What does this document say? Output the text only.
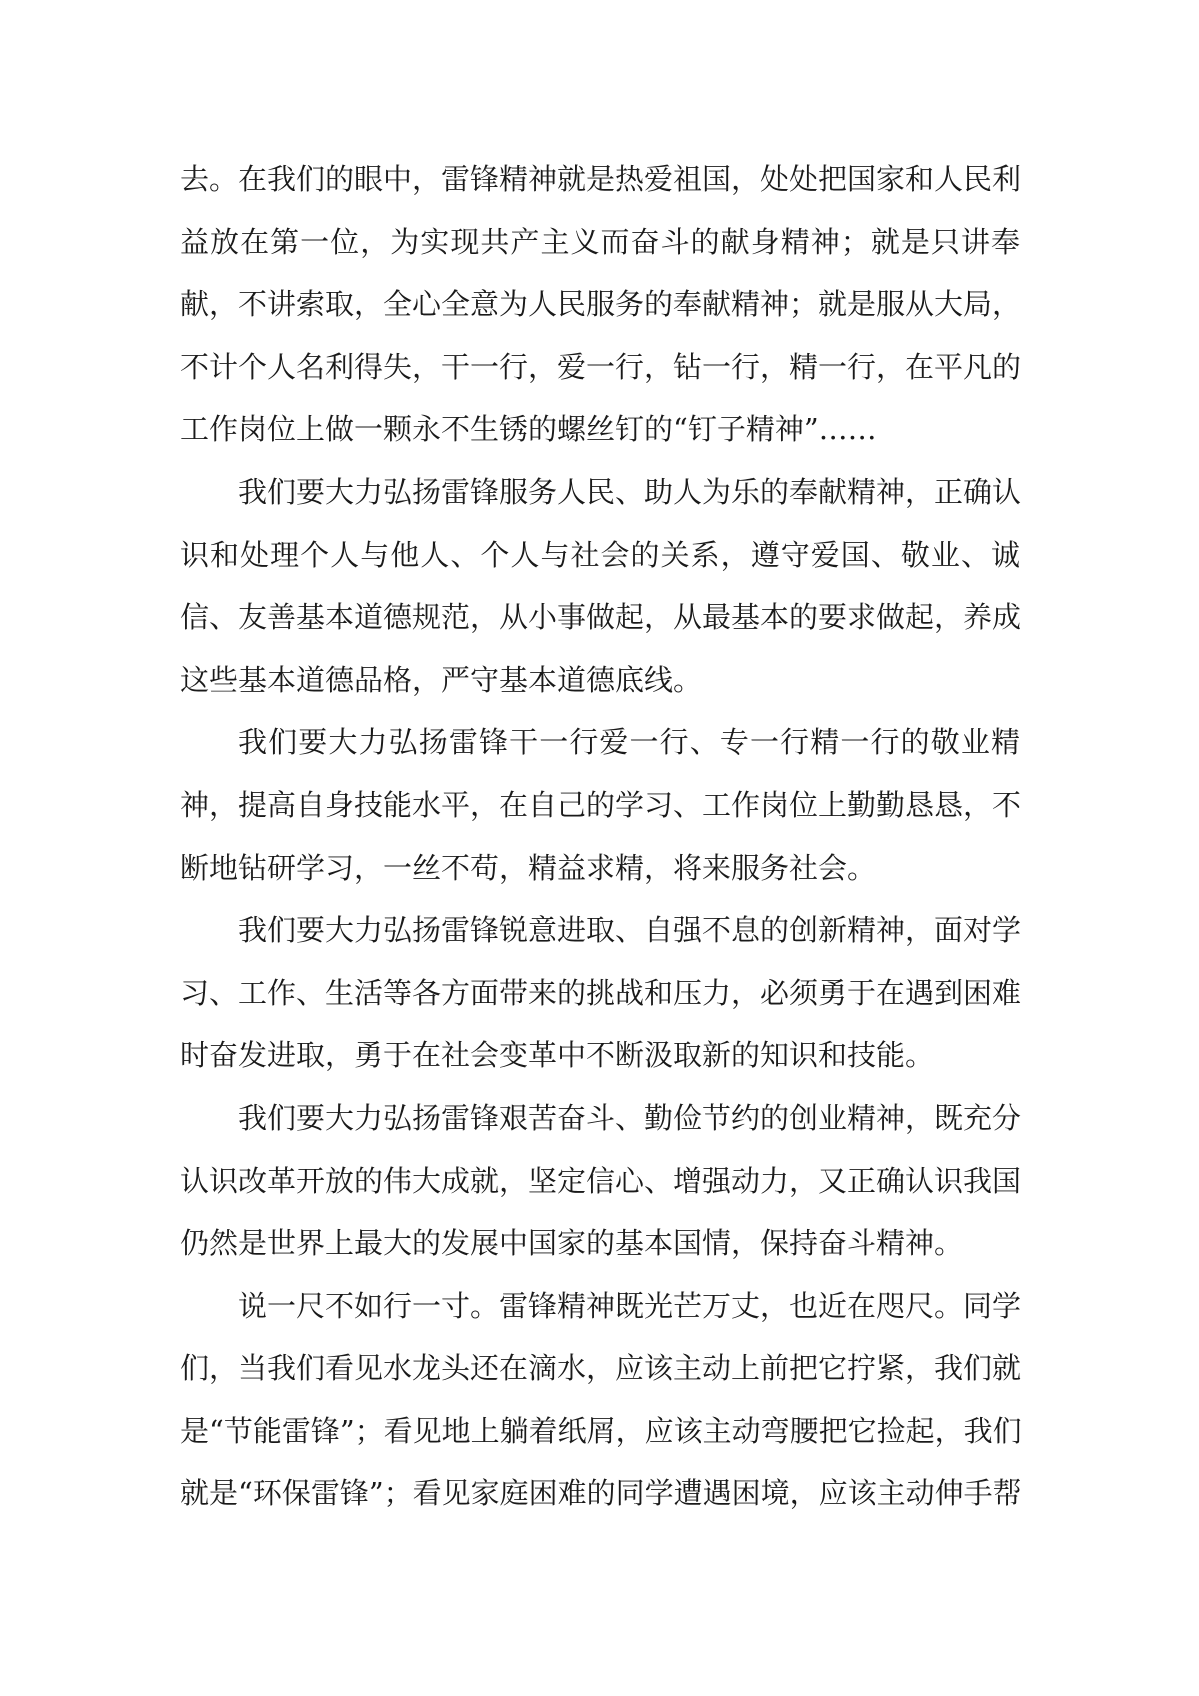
去。在我们的眼中，雷锋精神就是热爱祖国，处处把国家和人民利
益放在第一位，为实现共产主义而奋斗的献身精神；就是只讲奉
献，不讲索取，全心全意为人民服务的奉献精神；就是服从大局，
不计个人名利得失，干一行，爱一行，钻一行，精一行，在平凡的
工作岗位上做一颗永不生锈的螺丝钉的“钉子精神”……
我们要大力弘扬雷锋服务人民、助人为乐的奉献精神，正确认
识和处理个人与他人、个人与社会的关系，遵守爱国、敬业、诚
信、友善基本道德规范，从小事做起，从最基本的要求做起，养成
这些基本道德品格，严守基本道德底线。
我们要大力弘扬雷锋干一行爱一行、专一行精一行的敬业精
神，提高自身技能水平，在自己的学习、工作岗位上勤勤恳恳，不
断地钻研学习，一丝不苟，精益求精，将来服务社会。
我们要大力弘扬雷锋锐意进取、自强不息的创新精神，面对学
习、工作、生活等各方面带来的挑战和压力，必须勇于在遇到困难
时奋发进取，勇于在社会变革中不断汲取新的知识和技能。
我们要大力弘扬雷锋艰苦奋斗、勤俭节约的创业精神，既充分
认识改革开放的伟大成就，坚定信心、增强动力，又正确认识我国
仍然是世界上最大的发展中国家的基本国情，保持奋斗精神。
说一尺不如行一寸。雷锋精神既光芒万丈，也近在咫尺。同学
们，当我们看见水龙头还在滴水，应该主动上前把它拧紧，我们就
是“节能雷锋”；看见地上躺着纸屑，应该主动弯腰把它捡起，我们
就是“环保雷锋”；看见家庭困难的同学遭遇困境，应该主动伸手帮
